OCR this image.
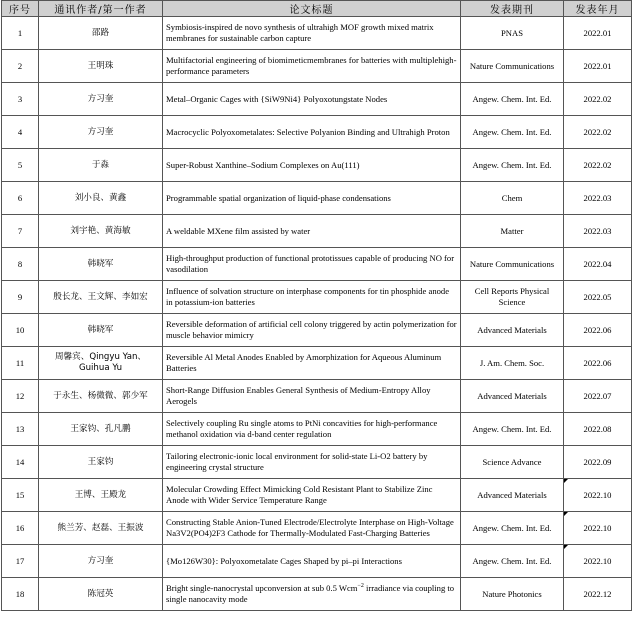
序号	通讯作者/第一作者	论文标题	发表期刊	发表年月
1	邵路	Symbiosis-inspired de novo synthesis of ultrahigh MOF growth mixed matrix membranes for sustainable carbon capture	PNAS	2022.01
2	王明珠	Multifactorial engineering of biomimeticmembranes for batteries with multiplehigh-performance parameters	Nature Communications	2022.01
3	方习奎	Metal–Organic Cages with {SiW9Ni4} Polyoxotungstate Nodes	Angew. Chem. Int. Ed.	2022.02
4	方习奎	Macrocyclic Polyoxometalates: Selective Polyanion Binding and Ultrahigh Proton	Angew. Chem. Int. Ed.	2022.02
5	于淼	Super-Robust Xanthine–Sodium Complexes on Au(111)	Angew. Chem. Int. Ed.	2022.02
6	刘小良、黄鑫	Programmable spatial organization of liquid-phase condensations	Chem	2022.03
7	刘宇艳、黄海敏	A weldable MXene film assisted by water	Matter	2022.03
8	韩晓军	High-throughput production of functional prototissues capable of producing NO for vasodilation	Nature Communications	2022.04
9	殷长龙、王文辉、李如宏	Influence of solvation structure on interphase components for tin phosphide anode in potassium-ion batteries	Cell Reports Physical Science	2022.05
10	韩晓军	Reversible deformation of artificial cell colony triggered by actin polymerization for muscle behavior mimicry	Advanced Materials	2022.06
11	周馨宾、Qingyu Yan、Guihua Yu	Reversible Al Metal Anodes Enabled by Amorphization for Aqueous Aluminum Batteries	J. Am. Chem. Soc.	2022.06
12	于永生、杨微微、郭少军	Short-Range Diffusion Enables General Synthesis of Medium-Entropy Alloy Aerogels	Advanced Materials	2022.07
13	王家钧、孔凡鹏	Selectively coupling Ru single atoms to PtNi concavities for high-performance methanol oxidation via d-band center regulation	Angew. Chem. Int. Ed.	2022.08
14	王家钧	Tailoring electronic-ionic local environment for solid-state Li-O2 battery by engineering crystal structure	Science Advance	2022.09
15	王博、王殿龙	Molecular Crowding Effect Mimicking Cold Resistant Plant to Stabilize Zinc Anode with Wider Service Temperature Range	Advanced Materials	2022.10
16	熊兰芳、赵磊、王振波	Constructing Stable Anion-Tuned Electrode/Electrolyte Interphase on High-Voltage Na3V2(PO4)2F3 Cathode for Thermally-Modulated Fast-Charging Batteries	Angew. Chem. Int. Ed.	2022.10
17	方习奎	{Mo126W30}: Polyoxometalate Cages Shaped by pi–pi Interactions	Angew. Chem. Int. Ed.	2022.10
18	陈冠英	Bright single-nanocrystal upconversion at sub 0.5 Wcm$^{-2}$ irradiance via coupling to single nanocavity mode	Nature Photonics	2022.12
